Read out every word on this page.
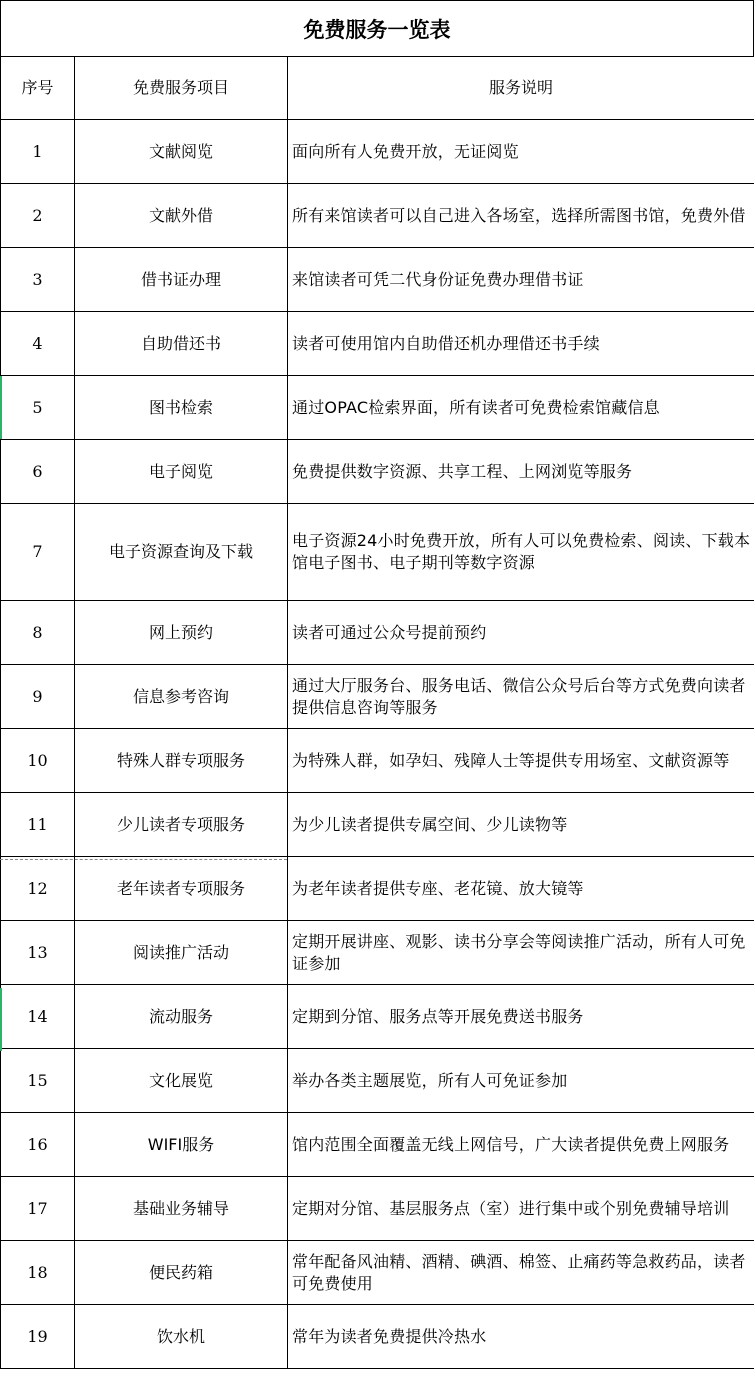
免费服务一览表
序号	免费服务项目	服务说明
1	文献阅览	面向所有人免费开放，无证阅览
2	文献外借	所有来馆读者可以自己进入各场室，选择所需图书馆，免费外借
3	借书证办理	来馆读者可凭二代身份证免费办理借书证
4	自助借还书	读者可使用馆内自助借还机办理借还书手续
5	图书检索	通过OPAC检索界面，所有读者可免费检索馆藏信息
6	电子阅览	免费提供数字资源、共享工程、上网浏览等服务
7	电子资源查询及下载	电子资源24小时免费开放，所有人可以免费检索、阅读、下载本馆电子图书、电子期刊等数字资源
8	网上预约	读者可通过公众号提前预约
9	信息参考咨询	通过大厅服务台、服务电话、微信公众号后台等方式免费向读者提供信息咨询等服务
10	特殊人群专项服务	为特殊人群，如孕妇、残障人士等提供专用场室、文献资源等
11	少儿读者专项服务	为少儿读者提供专属空间、少儿读物等
12	老年读者专项服务	为老年读者提供专座、老花镜、放大镜等
13	阅读推广活动	定期开展讲座、观影、读书分享会等阅读推广活动，所有人可免证参加
14	流动服务	定期到分馆、服务点等开展免费送书服务
15	文化展览	举办各类主题展览，所有人可免证参加
16	WIFI服务	馆内范围全面覆盖无线上网信号，广大读者提供免费上网服务
17	基础业务辅导	定期对分馆、基层服务点（室）进行集中或个别免费辅导培训
18	便民药箱	常年配备风油精、酒精、碘酒、棉签、止痛药等急救药品，读者可免费使用
19	饮水机	常年为读者免费提供冷热水
